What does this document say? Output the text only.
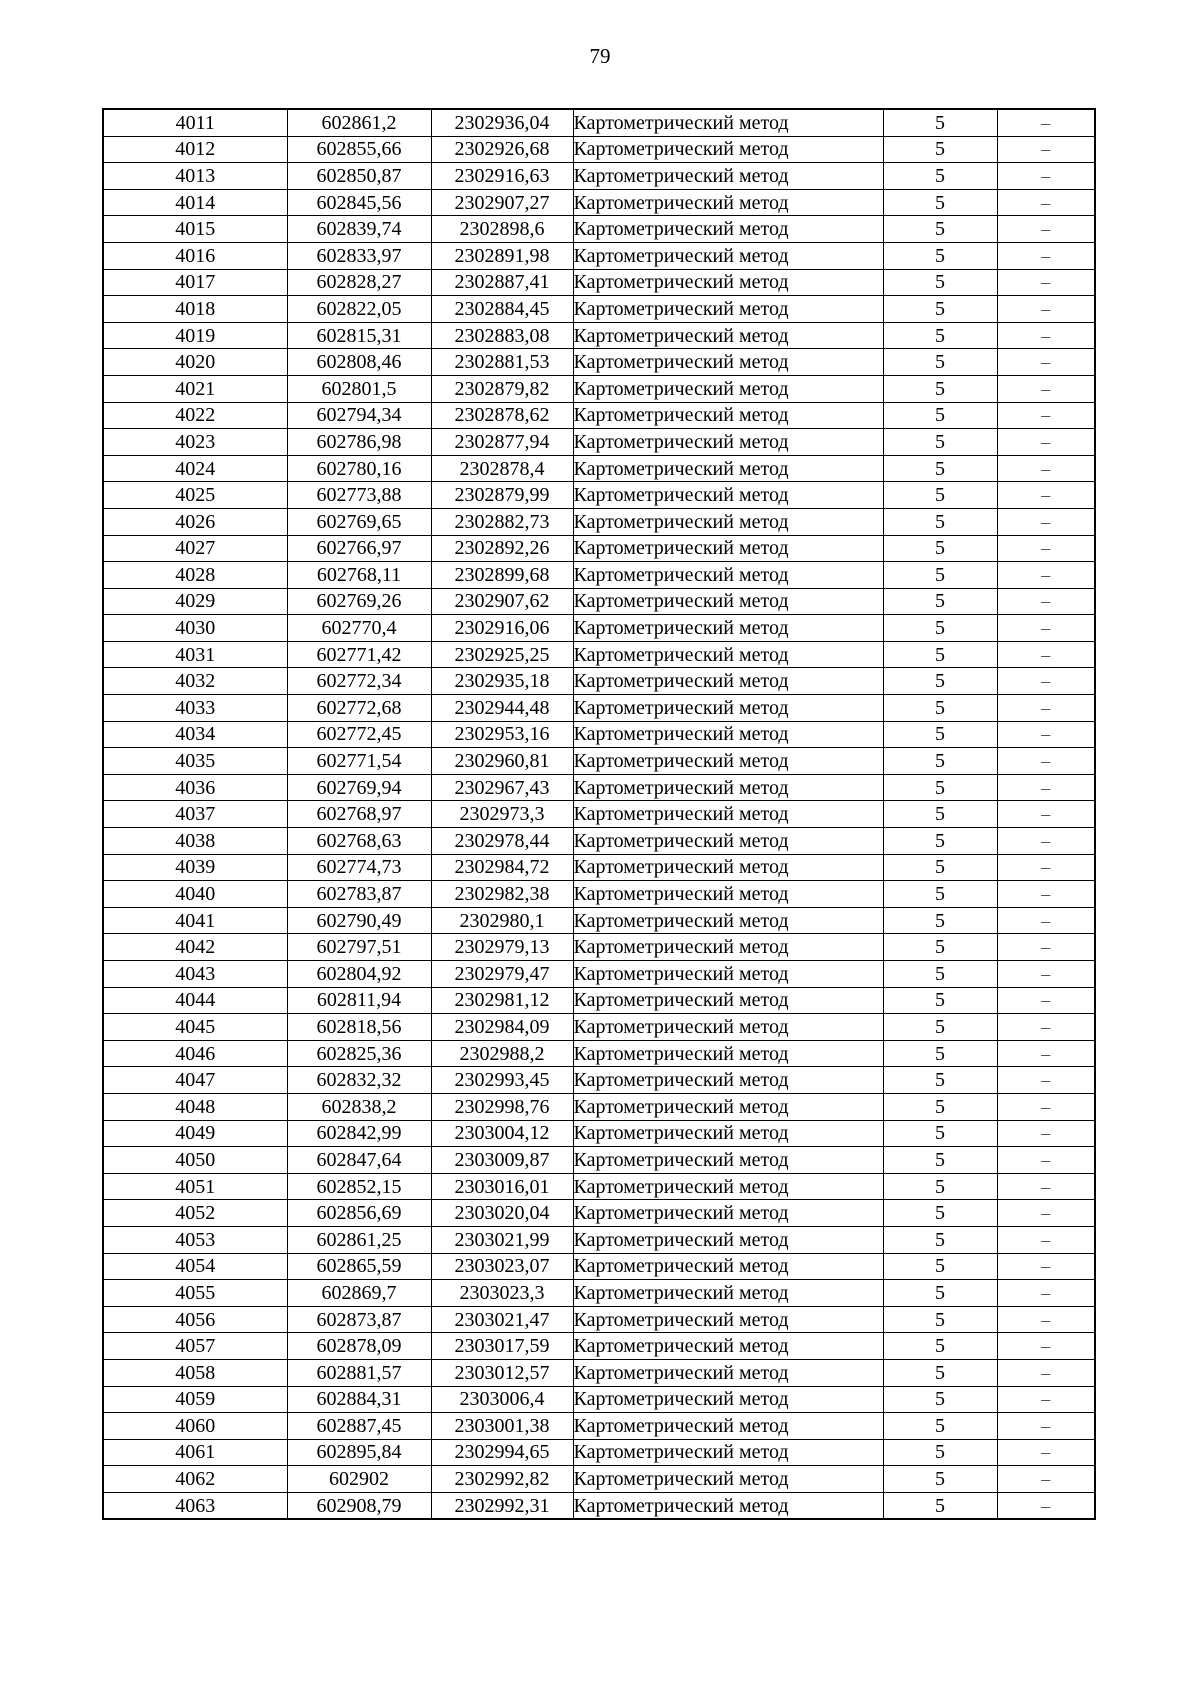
79
4011	602861,2	2302936,04	Картометрический метод	5	–
4012	602855,66	2302926,68	Картометрический метод	5	–
4013	602850,87	2302916,63	Картометрический метод	5	–
4014	602845,56	2302907,27	Картометрический метод	5	–
4015	602839,74	2302898,6	Картометрический метод	5	–
4016	602833,97	2302891,98	Картометрический метод	5	–
4017	602828,27	2302887,41	Картометрический метод	5	–
4018	602822,05	2302884,45	Картометрический метод	5	–
4019	602815,31	2302883,08	Картометрический метод	5	–
4020	602808,46	2302881,53	Картометрический метод	5	–
4021	602801,5	2302879,82	Картометрический метод	5	–
4022	602794,34	2302878,62	Картометрический метод	5	–
4023	602786,98	2302877,94	Картометрический метод	5	–
4024	602780,16	2302878,4	Картометрический метод	5	–
4025	602773,88	2302879,99	Картометрический метод	5	–
4026	602769,65	2302882,73	Картометрический метод	5	–
4027	602766,97	2302892,26	Картометрический метод	5	–
4028	602768,11	2302899,68	Картометрический метод	5	–
4029	602769,26	2302907,62	Картометрический метод	5	–
4030	602770,4	2302916,06	Картометрический метод	5	–
4031	602771,42	2302925,25	Картометрический метод	5	–
4032	602772,34	2302935,18	Картометрический метод	5	–
4033	602772,68	2302944,48	Картометрический метод	5	–
4034	602772,45	2302953,16	Картометрический метод	5	–
4035	602771,54	2302960,81	Картометрический метод	5	–
4036	602769,94	2302967,43	Картометрический метод	5	–
4037	602768,97	2302973,3	Картометрический метод	5	–
4038	602768,63	2302978,44	Картометрический метод	5	–
4039	602774,73	2302984,72	Картометрический метод	5	–
4040	602783,87	2302982,38	Картометрический метод	5	–
4041	602790,49	2302980,1	Картометрический метод	5	–
4042	602797,51	2302979,13	Картометрический метод	5	–
4043	602804,92	2302979,47	Картометрический метод	5	–
4044	602811,94	2302981,12	Картометрический метод	5	–
4045	602818,56	2302984,09	Картометрический метод	5	–
4046	602825,36	2302988,2	Картометрический метод	5	–
4047	602832,32	2302993,45	Картометрический метод	5	–
4048	602838,2	2302998,76	Картометрический метод	5	–
4049	602842,99	2303004,12	Картометрический метод	5	–
4050	602847,64	2303009,87	Картометрический метод	5	–
4051	602852,15	2303016,01	Картометрический метод	5	–
4052	602856,69	2303020,04	Картометрический метод	5	–
4053	602861,25	2303021,99	Картометрический метод	5	–
4054	602865,59	2303023,07	Картометрический метод	5	–
4055	602869,7	2303023,3	Картометрический метод	5	–
4056	602873,87	2303021,47	Картометрический метод	5	–
4057	602878,09	2303017,59	Картометрический метод	5	–
4058	602881,57	2303012,57	Картометрический метод	5	–
4059	602884,31	2303006,4	Картометрический метод	5	–
4060	602887,45	2303001,38	Картометрический метод	5	–
4061	602895,84	2302994,65	Картометрический метод	5	–
4062	602902	2302992,82	Картометрический метод	5	–
4063	602908,79	2302992,31	Картометрический метод	5	–
